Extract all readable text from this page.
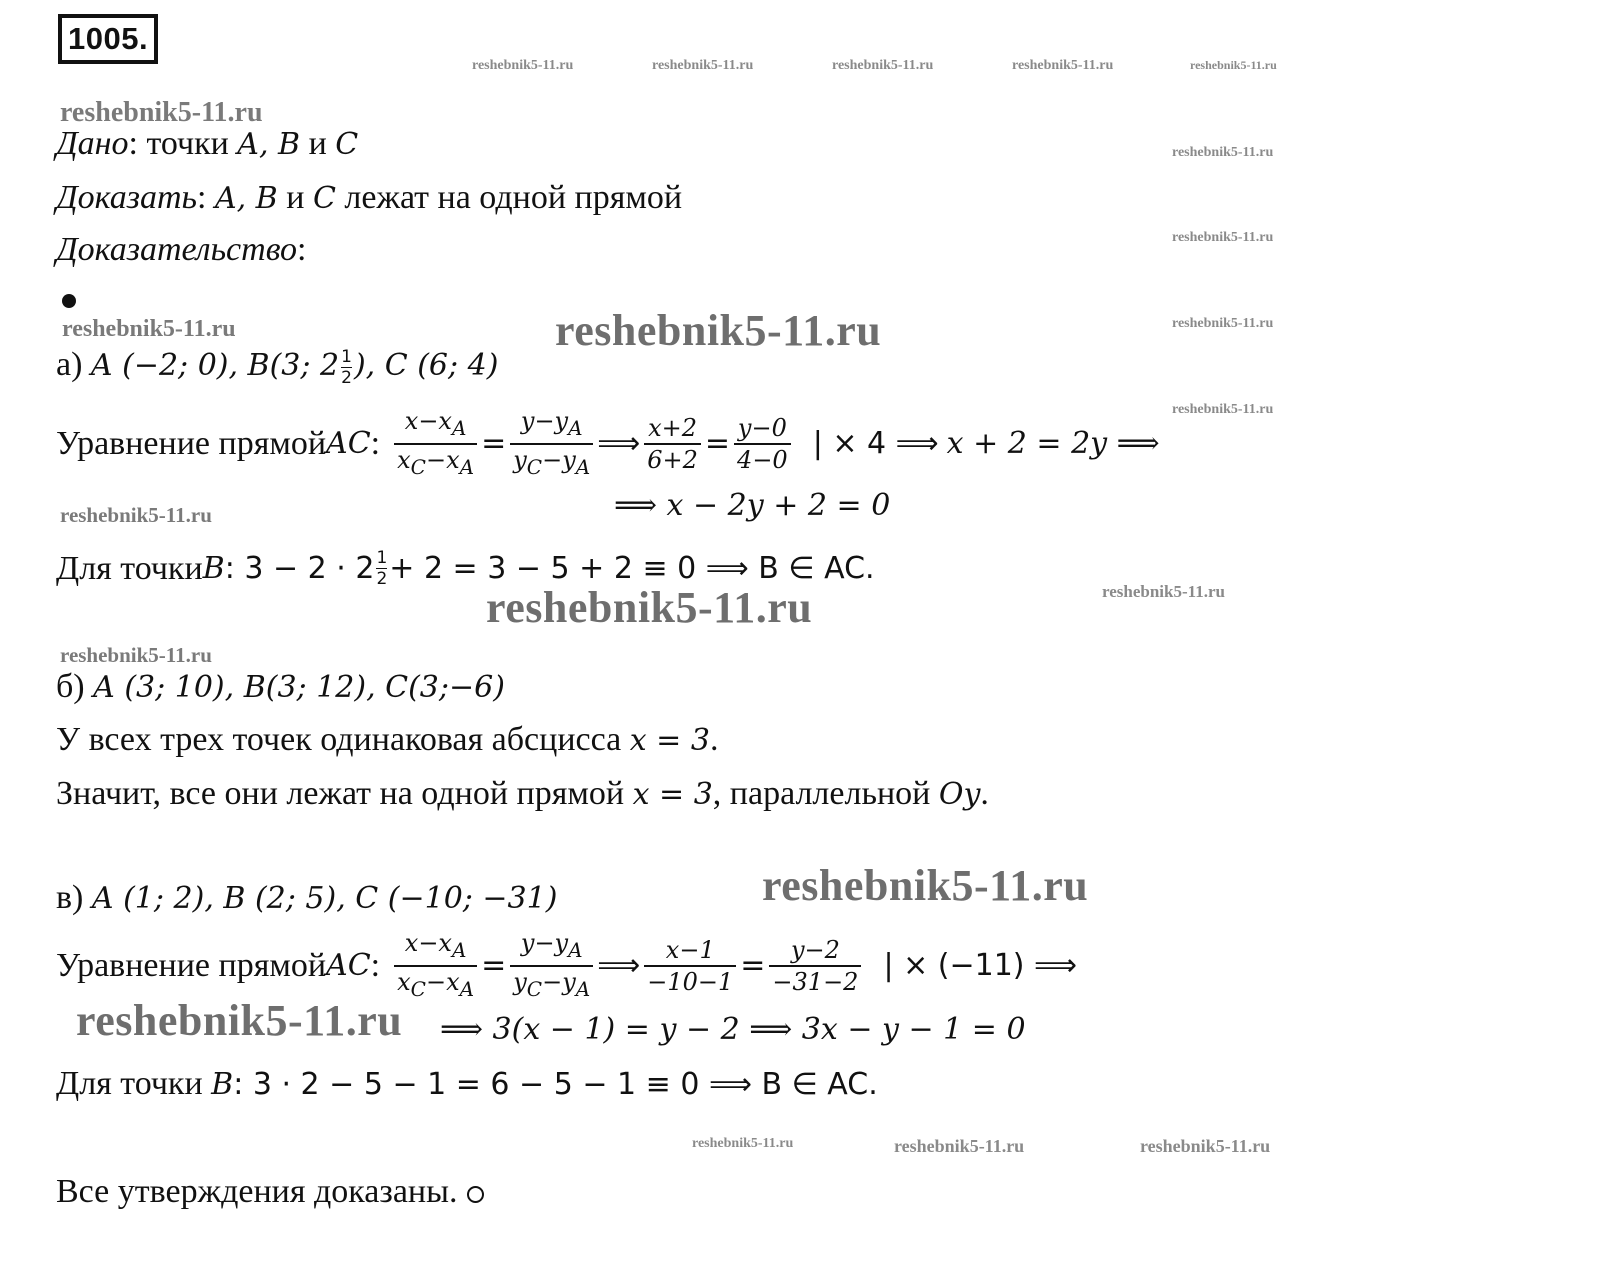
1005.
reshebnik5-11.ru	reshebnik5-11.ru	reshebnik5-11.ru	reshebnik5-11.ru	reshebnik5-11.ru
reshebnik5-11.ru
reshebnik5-11.ru
reshebnik5-11.ru
reshebnik5-11.ru
reshebnik5-11.ru
reshebnik5-11.ru	reshebnik5-11.ru	reshebnik5-11.ru
reshebnik5-11.ru
reshebnik5-11.ru
reshebnik5-11.ru
reshebnik5-11.ru
reshebnik5-11.ru
reshebnik5-11.ru
reshebnik5-11.ru
reshebnik5-11.ru
Дано: точки A, B и C
Доказать: A, B и C лежат на одной прямой
Доказательство:
а) A (−2; 0), B(3; $2 \frac{1}{2}$ ), C (6; 4)
Уравнение прямой AC : $\frac{x-x_A}{x_C-x_A} = \frac{y-y_A}{y_C-y_A}$ ⟹ $\frac{x+2}{6+2} = \frac{y-0}{4-0}$ | × 4 ⟹ x + 2 = 2y ⟹
⟹ x − 2y + 2 = 0
Для точки B : 3 − 2 · 2 1
2 + 2 = 3 − 5 + 2 ≡ 0 ⟹ B ∈ AC.
б) A (3; 10), B(3; 12), C(3;−6)
У всех трех точек одинаковая абсцисса x = 3.
Значит, все они лежат на одной прямой x = 3, параллельной Oy.
в) A (1; 2), B (2; 5), C (−10; −31)
Уравнение прямой AC : $\frac{x-x_A}{x_C-x_A} = \frac{y-y_A}{y_C-y_A}$ ⟹ $\frac{x-1}{-10-1} = \frac{y-2}{-31-2}$ | × (−11) ⟹
⟹ 3(x − 1) = y − 2 ⟹ 3x − y − 1 = 0
Для точки B: 3 · 2 − 5 − 1 = 6 − 5 − 1 ≡ 0 ⟹ B ∈ AC.
Все утверждения доказаны.
